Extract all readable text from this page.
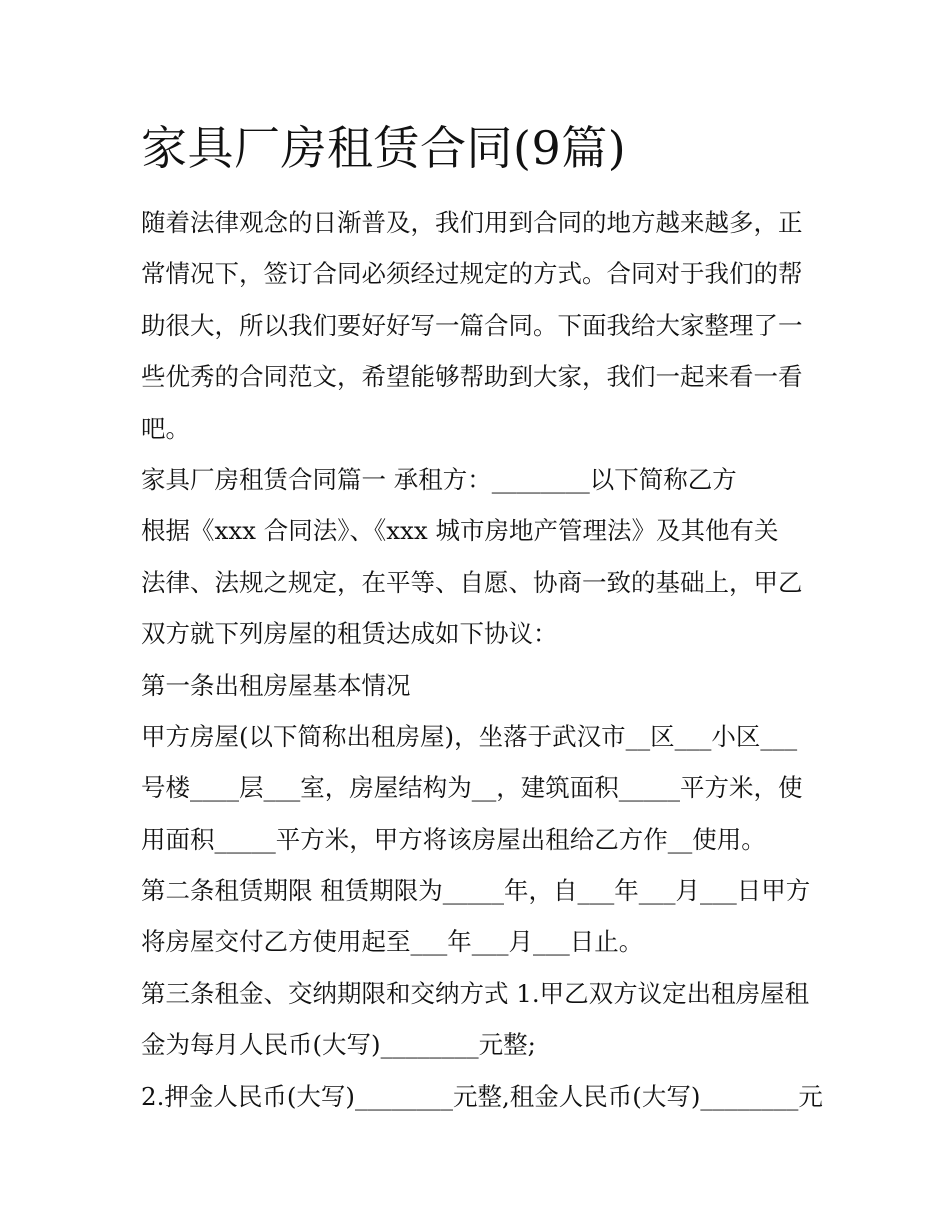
家具厂房租赁合同(9篇)
随着法律观念的日渐普及，我们用到合同的地方越来越多，正
常情况下，签订合同必须经过规定的方式。合同对于我们的帮
助很大，所以我们要好好写一篇合同。下面我给大家整理了一
些优秀的合同范文，希望能够帮助到大家，我们一起来看一看
吧。
家具厂房租赁合同篇一 承租方：________以下简称乙方
根据《xxx 合同法》、《xxx 城市房地产管理法》及其他有关
法律、法规之规定，在平等、自愿、协商一致的基础上，甲乙
双方就下列房屋的租赁达成如下协议：
第一条出租房屋基本情况
甲方房屋(以下简称出租房屋)，坐落于武汉市__区___小区___
号楼____层___室，房屋结构为__，建筑面积_____平方米，使
用面积_____平方米，甲方将该房屋出租给乙方作__使用。
第二条租赁期限 租赁期限为_____年，自___年___月___日甲方
将房屋交付乙方使用起至___年___月___日止。
第三条租金、交纳期限和交纳方式 1.甲乙双方议定出租房屋租
金为每月人民币(大写)________元整;
2.押金人民币(大写)________元整,租金人民币(大写)________元
